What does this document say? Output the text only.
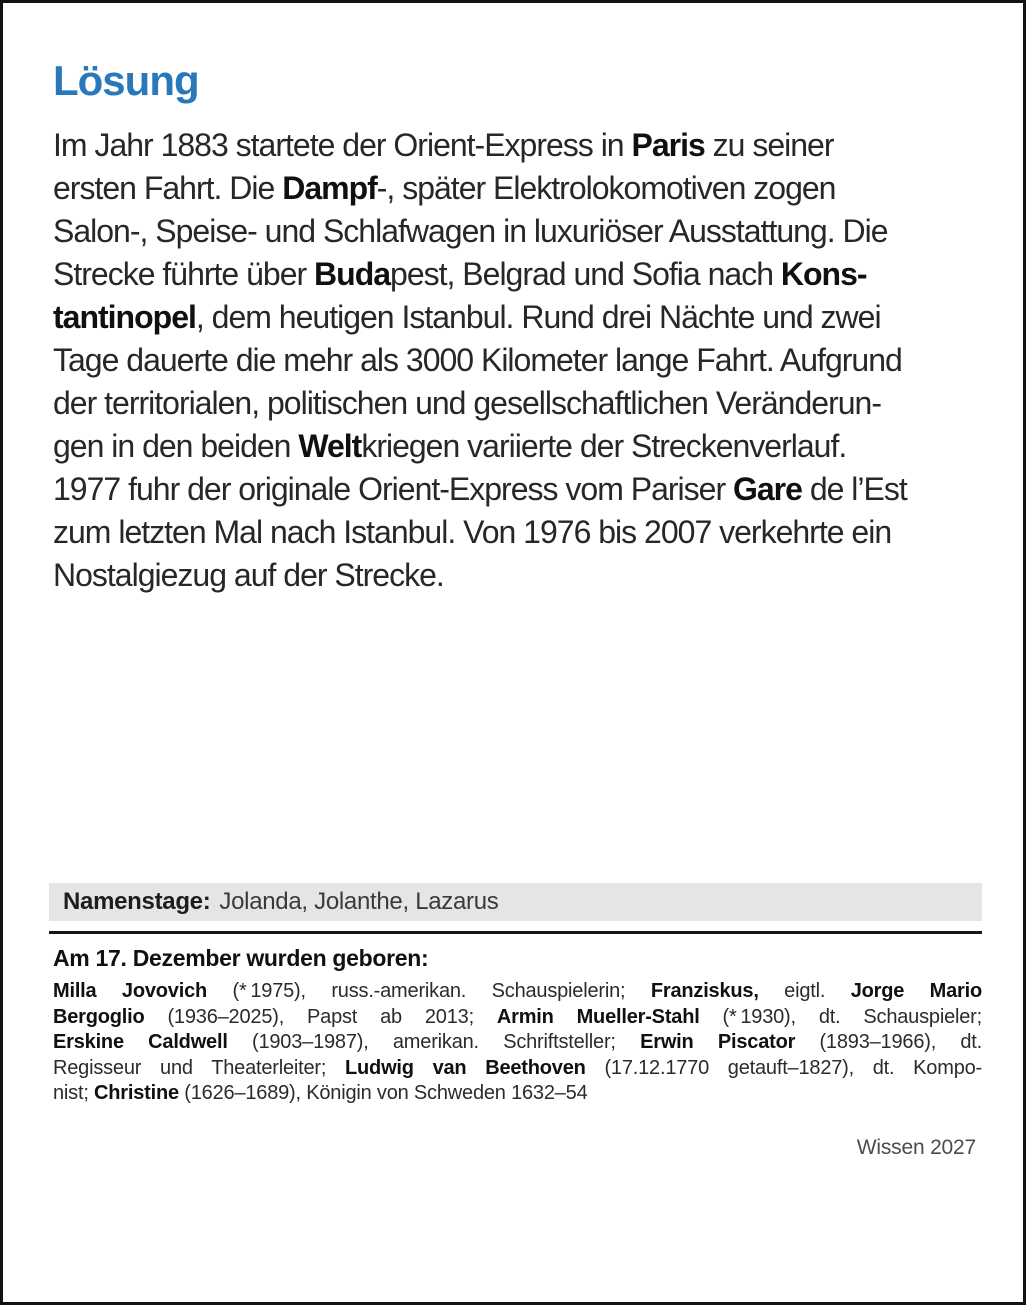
Lösung
Im Jahr 1883 startete der Orient-Express in Paris zu seiner
ersten Fahrt. Die Dampf-, später Elektrolokomotiven zogen
Salon-, Speise- und Schlafwagen in luxuriöser Ausstattung. Die
Strecke führte über Budapest, Belgrad und Sofia nach Kons-
tantinopel, dem heutigen Istanbul. Rund drei Nächte und zwei
Tage dauerte die mehr als 3000 Kilometer lange Fahrt. Aufgrund
der territorialen, politischen und gesellschaftlichen Veränderun-
gen in den beiden Weltkriegen variierte der Streckenverlauf.
1977 fuhr der originale Orient-Express vom Pariser Gare de l’Est
zum letzten Mal nach Istanbul. Von 1976 bis 2007 verkehrte ein
Nostalgiezug auf der Strecke.
Namenstage: Jolanda, Jolanthe, Lazarus
Am 17. Dezember wurden geboren:
Milla Jovovich (* 1975), russ.-amerikan. Schauspielerin; Franziskus, eigtl. Jorge Mario
Bergoglio (1936–2025), Papst ab 2013; Armin Mueller-Stahl (* 1930), dt. Schauspieler;
Erskine Caldwell (1903–1987), amerikan. Schriftsteller; Erwin Piscator (1893–1966), dt.
Regisseur und Theaterleiter; Ludwig van Beethoven (17.12.1770 getauft–1827), dt. Kompo-
nist; Christine (1626–1689), Königin von Schweden 1632–54
Wissen 2027
